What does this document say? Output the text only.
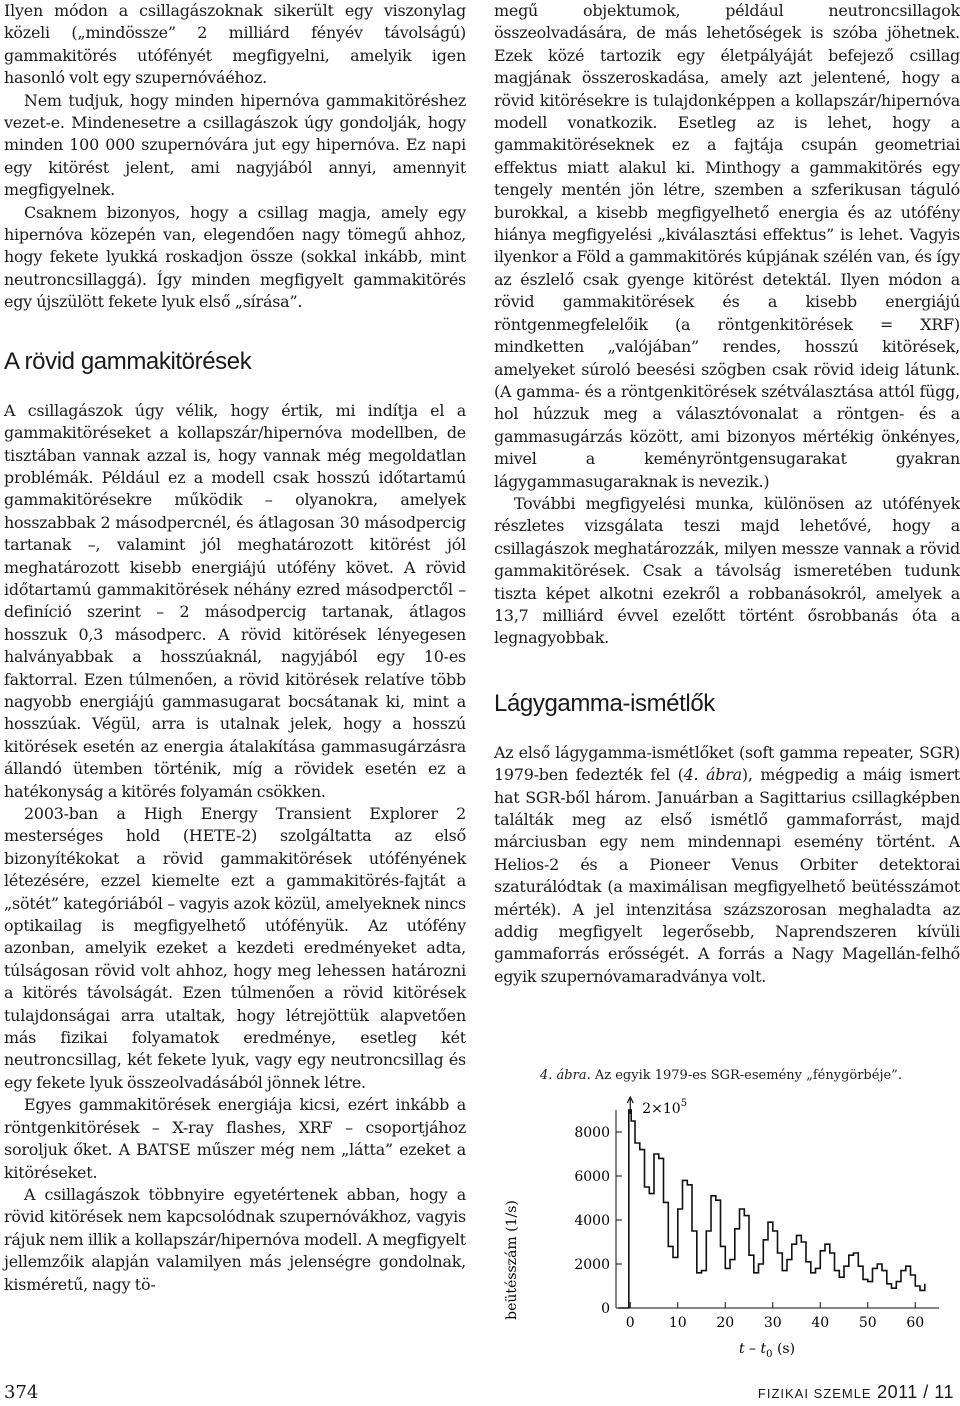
Ilyen módon a csillagászoknak sikerült egy viszonylag közeli („mindössze” 2 milliárd fényév távolságú) gammakitörés utófényét megfigyelni, amelyik igen hasonló volt egy szupernóváéhoz.

Nem tudjuk, hogy minden hipernóva gammakitöréshez vezet-e. Mindenesetre a csillagászok úgy gondolják, hogy minden 100 000 szupernóvára jut egy hipernóva. Ez napi egy kitörést jelent, ami nagyjából annyi, amennyit megfigyelnek.

Csaknem bizonyos, hogy a csillag magja, amely egy hipernóva közepén van, elegendően nagy tömegű ahhoz, hogy fekete lyukká roskadjon össze (sokkal inkább, mint neutroncsillaggá). Így minden megfigyelt gammakitörés egy újszülött fekete lyuk első „sírása”.

A rövid gammakitörések

A csillagászok úgy vélik, hogy értik, mi indítja el a gammakitöréseket a kollapszár/hipernóva modellben, de tisztában vannak azzal is, hogy vannak még megoldatlan problémák. Például ez a modell csak hosszú időtartamú gammakitörésekre működik – olyanokra, amelyek hosszabbak 2 másodpercnél, és átlagosan 30 másodpercig tartanak –, valamint jól meghatározott kitörést jól meghatározott kisebb energiájú utófény követ. A rövid időtartamú gammakitörések néhány ezred másodperctől – definíció szerint – 2 másodpercig tartanak, átlagos hosszuk 0,3 másodperc. A rövid kitörések lényegesen halványabbak a hosszúaknál, nagyjából egy 10-es faktorral. Ezen túlmenően, a rövid kitörések relatíve több nagyobb energiájú gammasugarat bocsátanak ki, mint a hosszúak. Végül, arra is utalnak jelek, hogy a hosszú kitörések esetén az energia átalakítása gammasugárzásra állandó ütemben történik, míg a rövidek esetén ez a hatékonyság a kitörés folyamán csökken.

2003-ban a High Energy Transient Explorer 2 mesterséges hold (HETE-2) szolgáltatta az első bizonyítékokat a rövid gammakitörések utófényének létezésére, ezzel kiemelte ezt a gammakitörés-fajtát a „sötét” kategóriából – vagyis azok közül, amelyeknek nincs optikailag is megfigyelhető utófényük. Az utófény azonban, amelyik ezeket a kezdeti eredményeket adta, túlságosan rövid volt ahhoz, hogy meg lehessen határozni a kitörés távolságát. Ezen túlmenően a rövid kitörések tulajdonságai arra utaltak, hogy létrejöttük alapvetően más fizikai folyamatok eredménye, esetleg két neutroncsillag, két fekete lyuk, vagy egy neutroncsillag és egy fekete lyuk összeolvadásából jönnek létre.

Egyes gammakitörések energiája kicsi, ezért inkább a röntgenkitörések – X-ray flashes, XRF – csoportjához soroljuk őket. A BATSE műszer még nem „látta” ezeket a kitöréseket.

A csillagászok többnyire egyetértenek abban, hogy a rövid kitörések nem kapcsolódnak szupernóvákhoz, vagyis rájuk nem illik a kollapszár/hipernóva modell. A megfigyelt jellemzőik alapján valamilyen más jelenségre gondolnak, kisméretű, nagy tö-

megű objektumok, például neutroncsillagok összeolvadására, de más lehetőségek is szóba jöhetnek. Ezek közé tartozik egy életpályáját befejező csillag magjának összeroskadása, amely azt jelentené, hogy a rövid kitörésekre is tulajdonképpen a kollapszár/hipernóva modell vonatkozik. Esetleg az is lehet, hogy a gammakitöréseknek ez a fajtája csupán geometriai effektus miatt alakul ki. Minthogy a gammakitörés egy tengely mentén jön létre, szemben a szferikusan táguló burokkal, a kisebb megfigyelhető energia és az utófény hiánya megfigyelési „kiválasztási effektus” is lehet. Vagyis ilyenkor a Föld a gammakitörés kúpjának szélén van, és így az észlelő csak gyenge kitörést detektál. Ilyen módon a rövid gammakitörések és a kisebb energiájú röntgenmegfelelőik (a röntgenkitörések = XRF) mindketten „valójában” rendes, hosszú kitörések, amelyeket súroló beesési szögben csak rövid ideig látunk. (A gamma- és a röntgenkitörések szétválasztása attól függ, hol húzzuk meg a választóvonalat a röntgen- és a gammasugárzás között, ami bizonyos mértékig önkényes, mivel a keményröntgensugarakat gyakran lágygammasugaraknak is nevezik.)

További megfigyelési munka, különösen az utófények részletes vizsgálata teszi majd lehetővé, hogy a csillagászok meghatározzák, milyen messze vannak a rövid gammakitörések. Csak a távolság ismeretében tudunk tiszta képet alkotni ezekről a robbanásokról, amelyek a 13,7 milliárd évvel ezelőtt történt ősrobbanás óta a legnagyobbak.

Lágygamma-ismétlők

Az első lágygamma-ismétlőket (soft gamma repeater, SGR) 1979-ben fedezték fel (4. ábra), mégpedig a máig ismert hat SGR-ből három. Januárban a Sagittarius csillagképben találták meg az első ismétlő gammaforrást, majd márciusban egy nem mindennapi esemény történt. A Helios-2 és a Pioneer Venus Orbiter detektorai szaturálódtak (a maximálisan megfigyelhető beütésszámot mérték). A jel intenzitása százszorosan meghaladta az addig megfigyelt legerősebb, Naprendszeren kívüli gammaforrás erősségét. A forrás a Nagy Magellán-felhő egyik szupernóvamaradványa volt.

4. ábra. Az egyik 1979-es SGR-esemény „fénygörbéje”.
0
2000
4000
6000
8000
0 10 20 30 40 50 60
$2\times 10^5$
beütésszám (1/s)
t – $t_0$ (s)
374	FIZIKAI SZEMLE 2011 / 11
